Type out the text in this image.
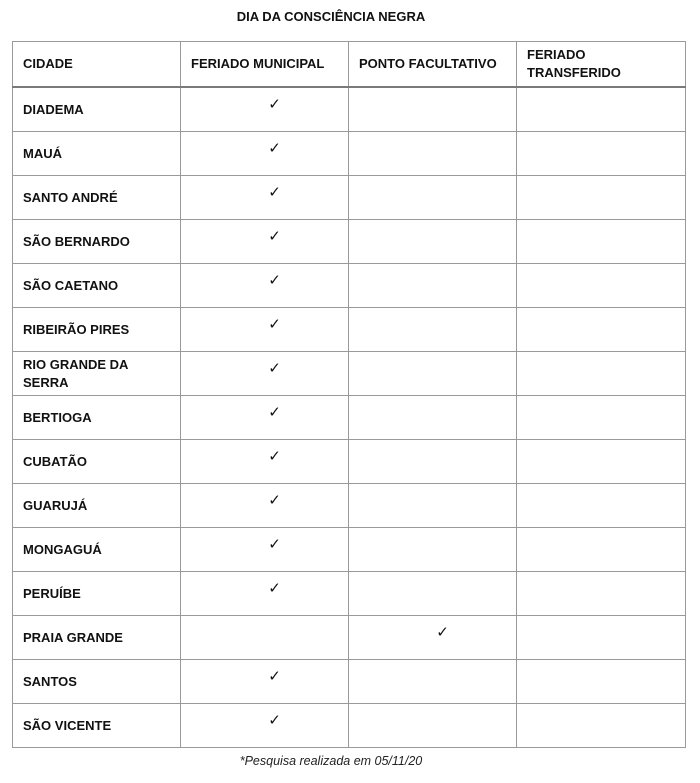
DIA DA CONSCIÊNCIA NEGRA
CIDADE	FERIADO MUNICIPAL	PONTO FACULTATIVO	FERIADO TRANSFERIDO
DIADEMA	✓		
MAUÁ	✓		
SANTO ANDRÉ	✓		
SÃO BERNARDO	✓		
SÃO CAETANO	✓		
RIBEIRÃO PIRES	✓		
RIO GRANDE DA SERRA	✓		
BERTIOGA	✓		
CUBATÃO	✓		
GUARUJÁ	✓		
MONGAGUÁ	✓		
PERUÍBE	✓		
PRAIA GRANDE		✓	
SANTOS	✓		
SÃO VICENTE	✓		
*Pesquisa realizada em 05/11/20
